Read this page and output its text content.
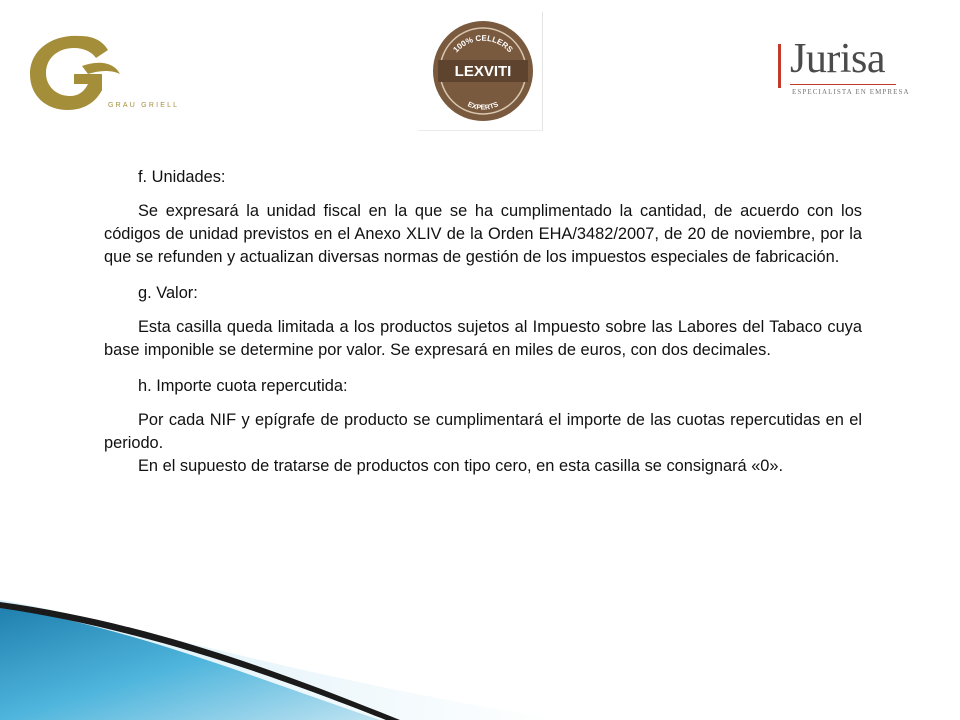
GRAU GRIELL
LEXVITI
100% CELLERS
EXPERTS
Jurisa
ESPECIALISTA EN EMPRESA

f. Unidades:

Se expresará la unidad fiscal en la que se ha cumplimentado la cantidad, de acuerdo con los códigos de unidad previstos en el Anexo XLIV de la Orden EHA/3482/2007, de 20 de noviembre, por la que se refunden y actualizan diversas normas de gestión de los impuestos especiales de fabricación.

g. Valor:

Esta casilla queda limitada a los productos sujetos al Impuesto sobre las Labores del Tabaco cuya base imponible se determine por valor. Se expresará en miles de euros, con dos decimales.

h. Importe cuota repercutida:

Por cada NIF y epígrafe de producto se cumplimentará el importe de las cuotas repercutidas en el periodo.

En el supuesto de tratarse de productos con tipo cero, en esta casilla se consignará «0».
